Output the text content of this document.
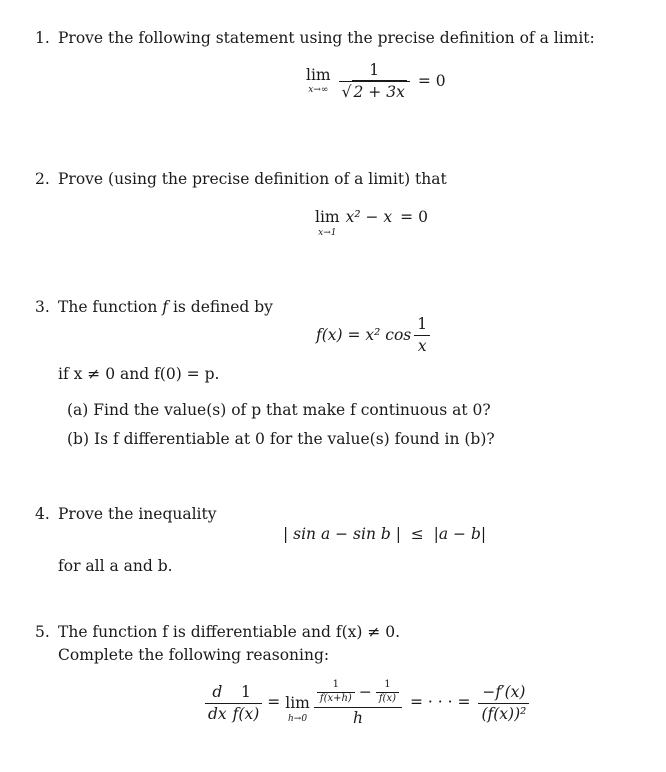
1. Prove the following statement using the precise definition of a limit:
lim
$x\to\infty \frac{1}{√ 2 + 3x} = 0$
2. Prove (using the precise definition of a limit) that
lim
x→1
x² − x = 0
3. The function f is defined by
f(x) = x² $\cos \frac{1}{x}$
if x ≠ 0 and f(0) = p.
(a) Find the value(s) of p that make f continuous at 0?
(b) Is f differentiable at 0 for the value(s) found in (b)?
4. Prove the inequality
| sin a − sin b |  ≤  |a − b|
for all a and b.
5. The function f is differentiable and f(x) ≠ 0.
Complete the following reasoning:
$\frac{d}{dx} \frac{1}{f(x)} = \lim$
h→0
$\frac{1}{f(x+h)} - \frac{1}{f(x)}$
h
= · · · = $\frac{-f'(x)}{\text{(f(x))²}}$
